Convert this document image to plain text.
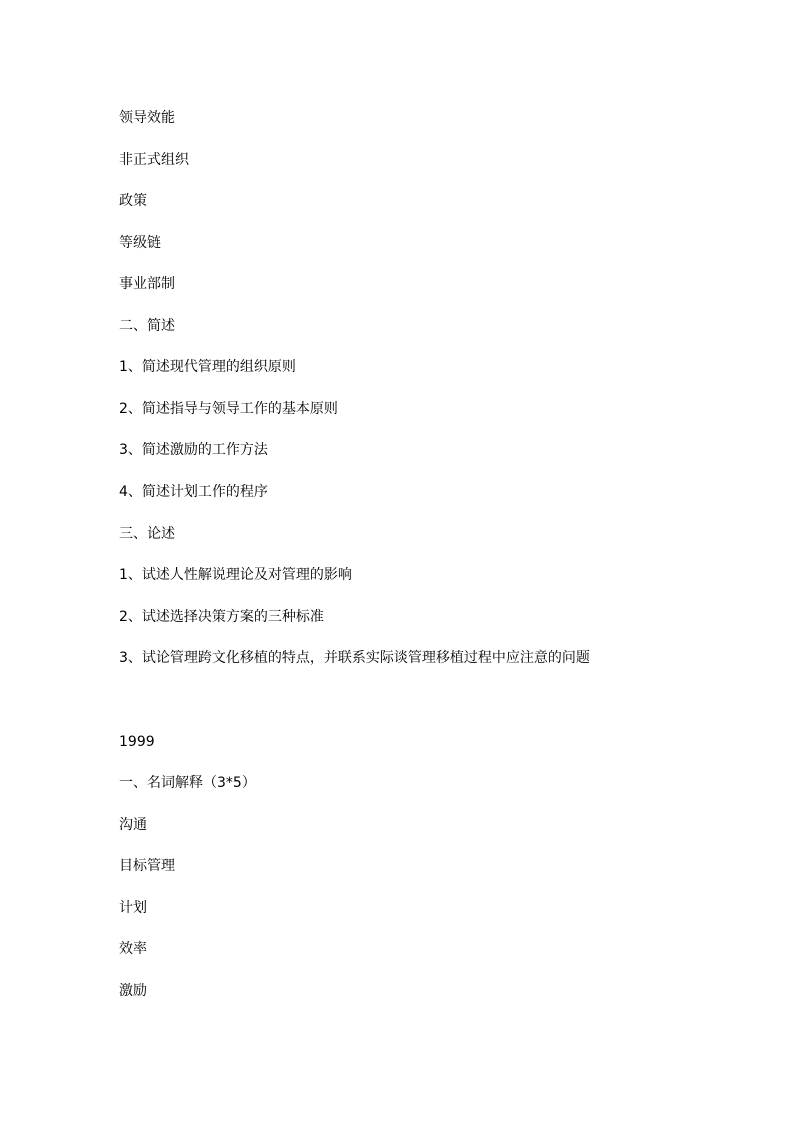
领导效能
非正式组织
政策
等级链
事业部制
二、简述
1、简述现代管理的组织原则
2、简述指导与领导工作的基本原则
3、简述激励的工作方法
4、简述计划工作的程序
三、论述
1、试述人性解说理论及对管理的影响
2、试述选择决策方案的三种标准
3、试论管理跨文化移植的特点，并联系实际谈管理移植过程中应注意的问题
1999
一、名词解释（3*5）
沟通
目标管理
计划
效率
激励
